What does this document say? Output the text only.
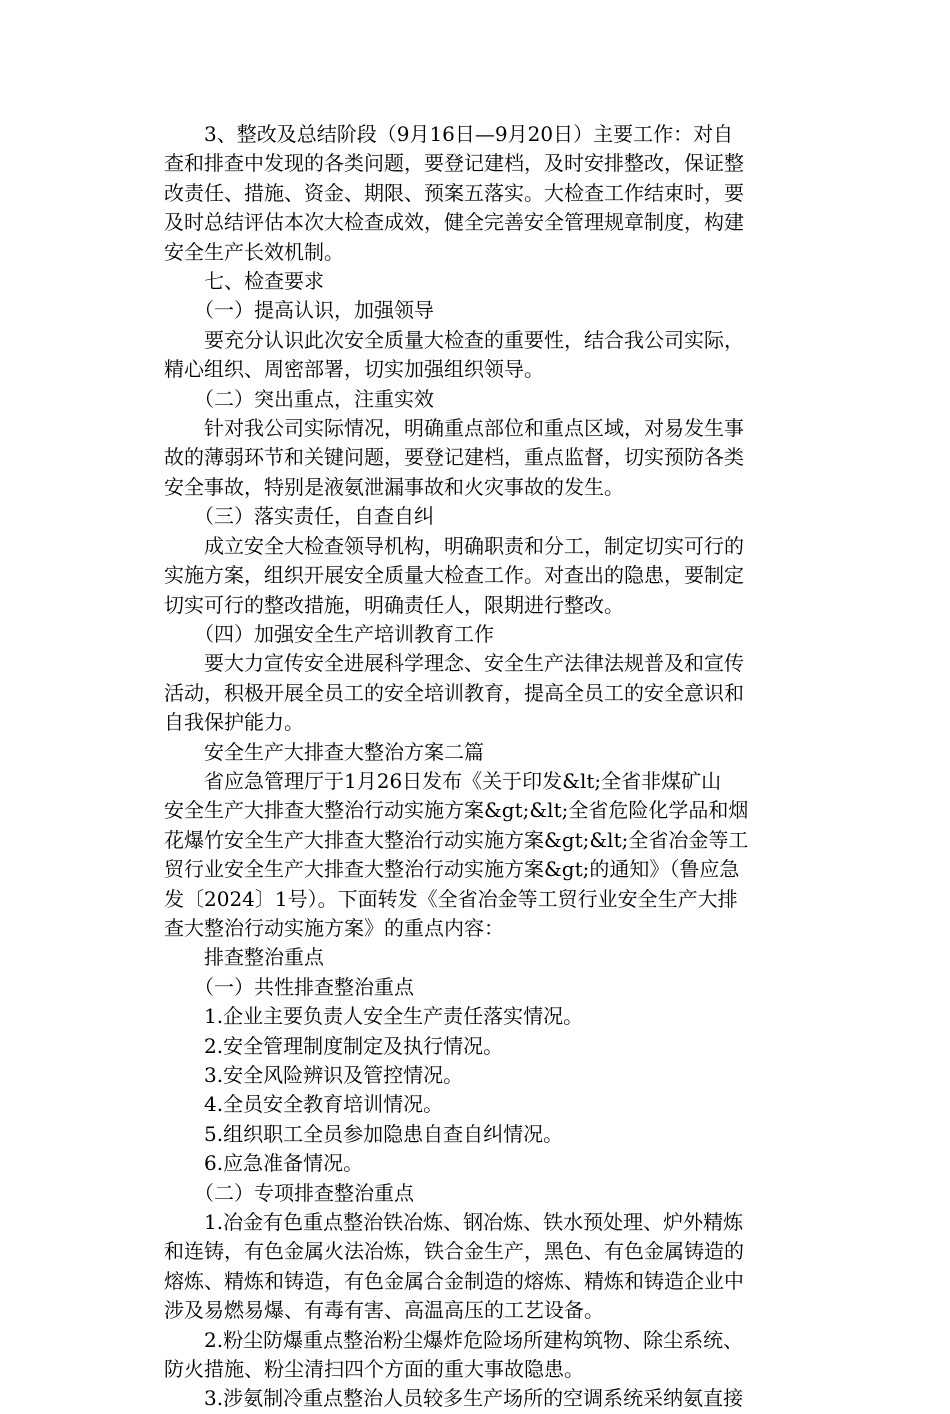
　　3、整改及总结阶段（9月16日—9月20日）主要工作：对自
查和排查中发现的各类问题，要登记建档，及时安排整改，保证整
改责任、措施、资金、期限、预案五落实。大检查工作结束时，要
及时总结评估本次大检查成效，健全完善安全管理规章制度，构建
安全生产长效机制。

　　七、检查要求

　　（一）提高认识，加强领导

　　要充分认识此次安全质量大检查的重要性，结合我公司实际，
精心组织、周密部署，切实加强组织领导。

　　（二）突出重点，注重实效

　　针对我公司实际情况，明确重点部位和重点区域，对易发生事
故的薄弱环节和关键问题，要登记建档，重点监督，切实预防各类
安全事故，特别是液氨泄漏事故和火灾事故的发生。

　　（三）落实责任，自查自纠

　　成立安全大检查领导机构，明确职责和分工，制定切实可行的
实施方案，组织开展安全质量大检查工作。对查出的隐患，要制定
切实可行的整改措施，明确责任人，限期进行整改。

　　（四）加强安全生产培训教育工作

　　要大力宣传安全进展科学理念、安全生产法律法规普及和宣传
活动，积极开展全员工的安全培训教育，提高全员工的安全意识和
自我保护能力。

　　安全生产大排查大整治方案二篇

　　省应急管理厅于1月26日发布《关于印发&lt;全省非煤矿山
安全生产大排查大整治行动实施方案&gt;&lt;全省危险化学品和烟
花爆竹安全生产大排查大整治行动实施方案&gt;&lt;全省冶金等工
贸行业安全生产大排查大整治行动实施方案&gt;的通知》（鲁应急
发〔2024〕1号）。下面转发《全省冶金等工贸行业安全生产大排
查大整治行动实施方案》的重点内容：

　　排查整治重点

　　（一）共性排查整治重点

　　1.企业主要负责人安全生产责任落实情况。

　　2.安全管理制度制定及执行情况。

　　3.安全风险辨识及管控情况。

　　4.全员安全教育培训情况。

　　5.组织职工全员参加隐患自查自纠情况。

　　6.应急准备情况。

　　（二）专项排查整治重点

　　1.冶金有色重点整治铁冶炼、钢冶炼、铁水预处理、炉外精炼
和连铸，有色金属火法冶炼，铁合金生产，黑色、有色金属铸造的
熔炼、精炼和铸造，有色金属合金制造的熔炼、精炼和铸造企业中
涉及易燃易爆、有毒有害、高温高压的工艺设备。

　　2.粉尘防爆重点整治粉尘爆炸危险场所建构筑物、除尘系统、
防火措施、粉尘清扫四个方面的重大事故隐患。

　　3.涉氨制冷重点整治人员较多生产场所的空调系统采纳氨直接
